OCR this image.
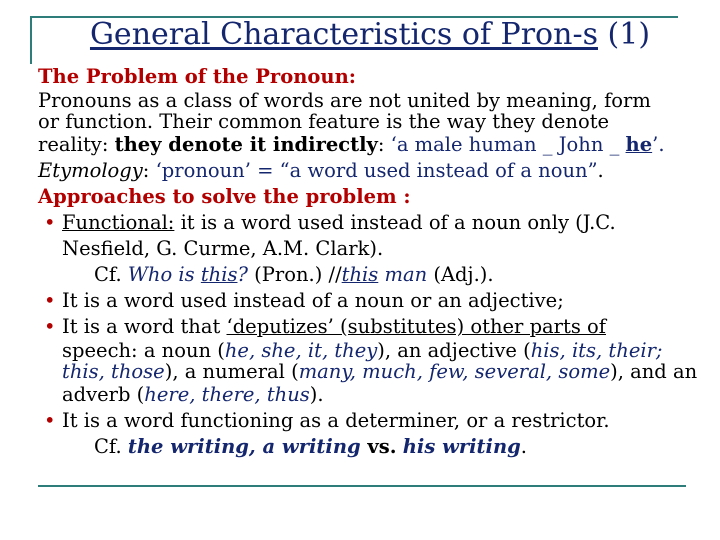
General Characteristics of Pron-s (1)
The Problem of the Pronoun:
Pronouns as a class of words are not united by meaning, form
or function. Their common feature is the way they denote
reality: they denote it indirectly: ‘a male human _ John _ he’.
Etymology: ‘pronoun’ = “a word used instead of a noun”.
Approaches to solve the problem :
• Functional: it is a word used instead of a noun only (J.C.
Nesfield, G. Curme, A.M. Clark).
Cf. Who is this? (Pron.) //this man (Adj.).
• It is a word used instead of a noun or an adjective;
• It is a word that ‘deputizes’ (substitutes) other parts of
speech: a noun (he, she, it, they), an adjective (his, its, their;
this, those), a numeral (many, much, few, several, some), and an
adverb (here, there, thus).
• It is a word functioning as a determiner, or a restrictor.
Cf. the writing, a writing vs. his writing.
